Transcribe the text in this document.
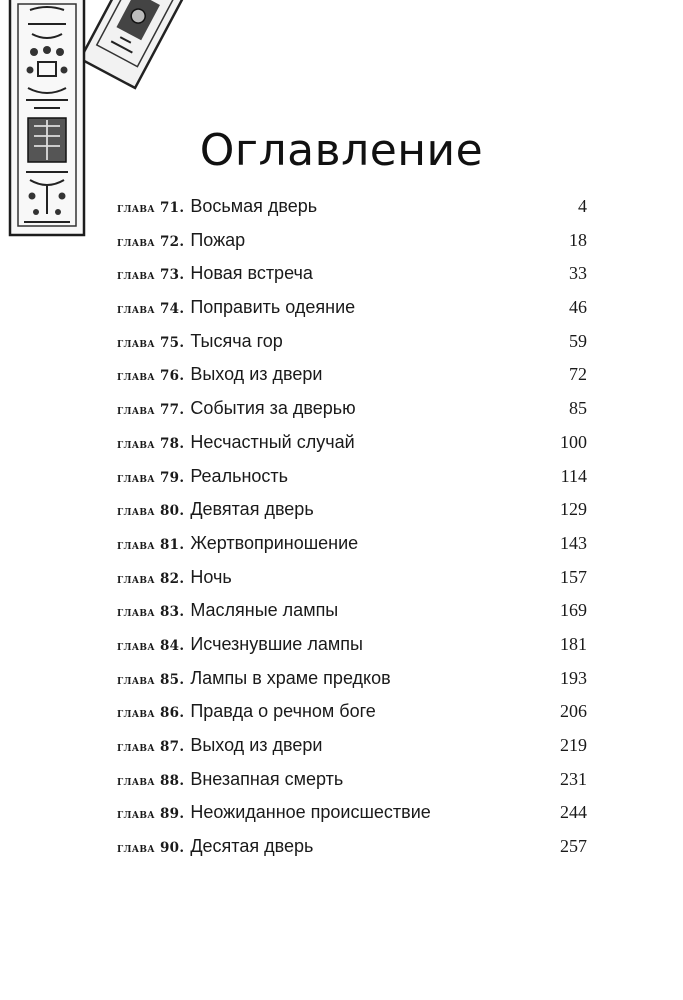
Оглавление
глава 71. Восьмая дверь	4
глава 72. Пожар	18
глава 73. Новая встреча	33
глава 74. Поправить одеяние	46
глава 75. Тысяча гор	59
глава 76. Выход из двери	72
глава 77. События за дверью	85
глава 78. Несчастный случай	100
глава 79. Реальность	114
глава 80. Девятая дверь	129
глава 81. Жертвоприношение	143
глава 82. Ночь	157
глава 83. Масляные лампы	169
глава 84. Исчезнувшие лампы	181
глава 85. Лампы в храме предков	193
глава 86. Правда о речном боге	206
глава 87. Выход из двери	219
глава 88. Внезапная смерть	231
глава 89. Неожиданное происшествие	244
глава 90. Десятая дверь	257
